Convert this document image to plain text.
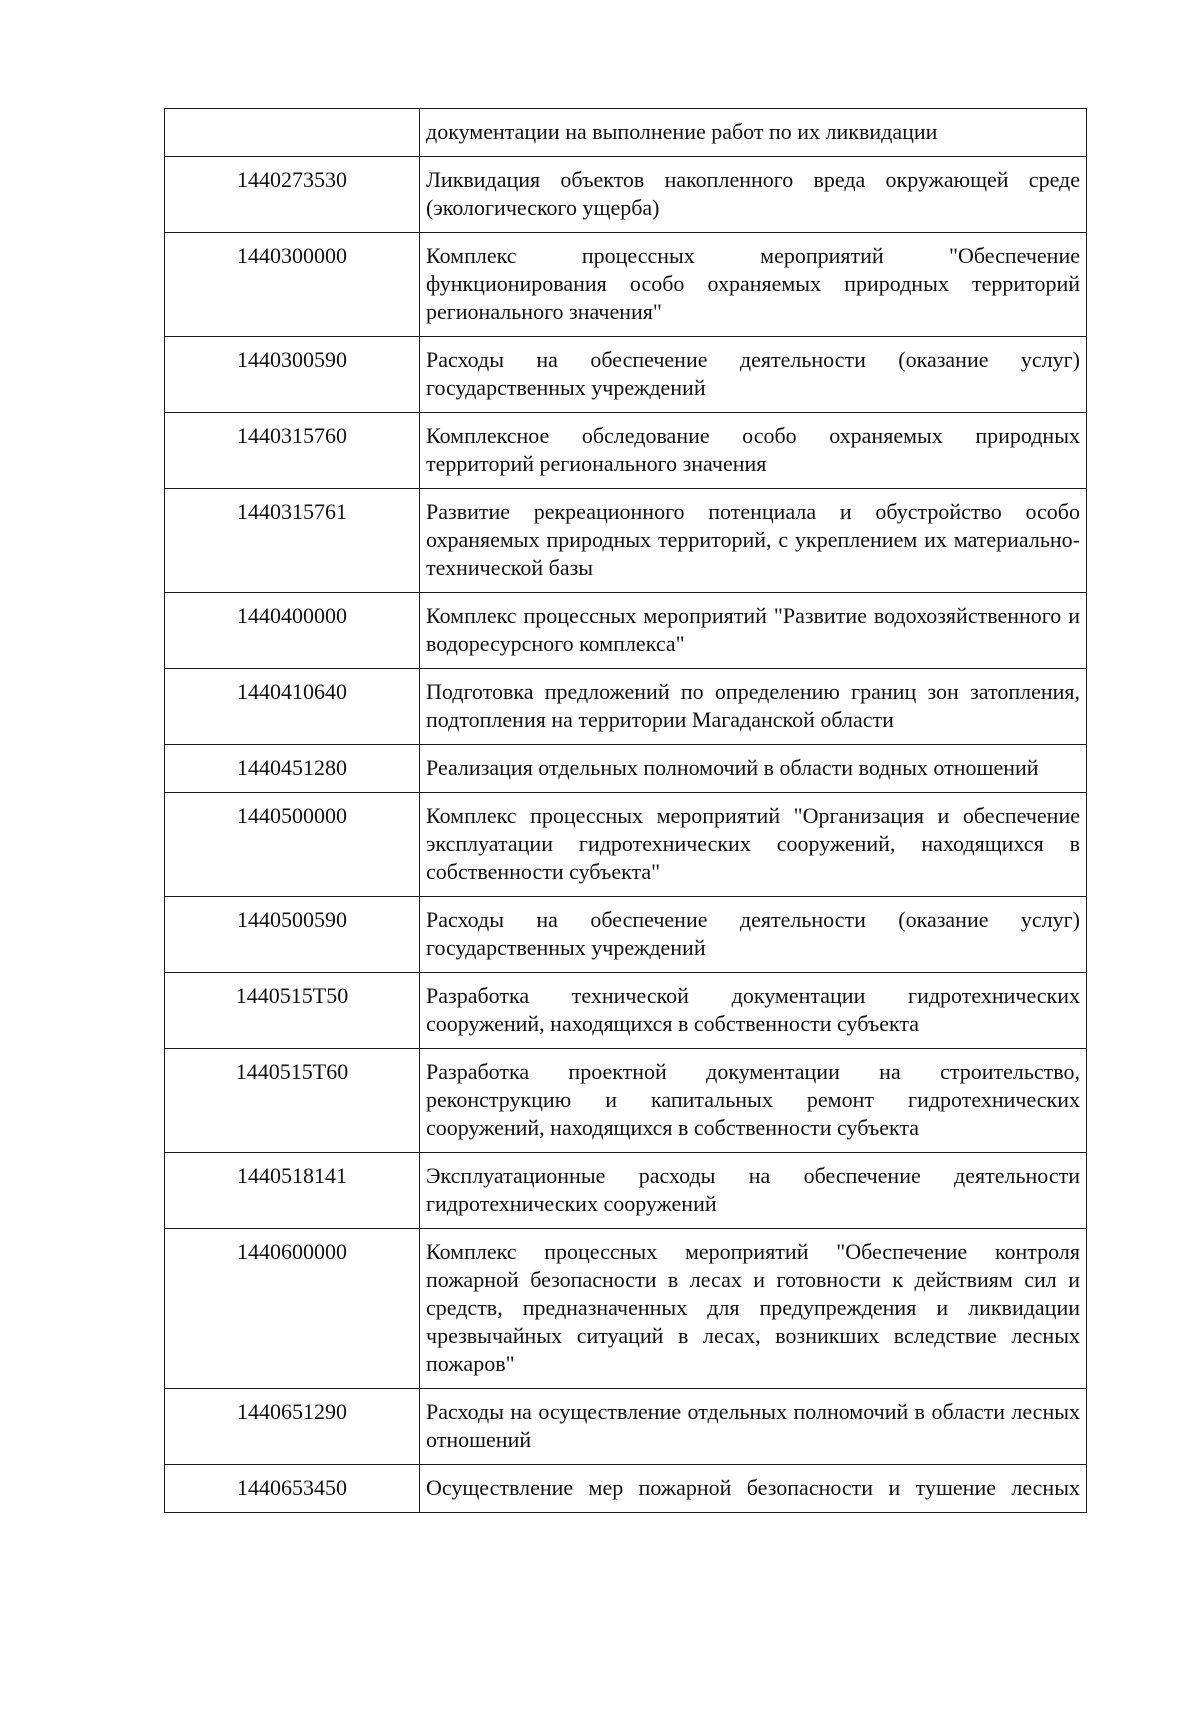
	документации на выполнение работ по их ликвидации
1440273530	Ликвидация объектов накопленного вреда окружающей среде (экологического ущерба)
1440300000	Комплекс процессных мероприятий "Обеспечение функционирования особо охраняемых природных территорий регионального значения"
1440300590	Расходы на обеспечение деятельности (оказание услуг) государственных учреждений
1440315760	Комплексное обследование особо охраняемых природных территорий регионального значения
1440315761	Развитие рекреационного потенциала и обустройство особо охраняемых природных территорий, с укреплением их материально-технической базы
1440400000	Комплекс процессных мероприятий "Развитие водохозяйственного и водоресурсного комплекса"
1440410640	Подготовка предложений по определению границ зон затопления, подтопления на территории Магаданской области
1440451280	Реализация отдельных полномочий в области водных отношений
1440500000	Комплекс процессных мероприятий "Организация и обеспечение эксплуатации гидротехнических сооружений, находящихся в собственности субъекта"
1440500590	Расходы на обеспечение деятельности (оказание услуг) государственных учреждений
144051​5Т50	Разработка технической документации гидротехнических сооружений, находящихся в собственности субъекта
1440515Т60	Разработка проектной документации на строительство, реконструкцию и капитальных ремонт гидротехнических сооружений, находящихся в собственности субъекта
1440518141	Эксплуатационные расходы на обеспечение деятельности гидротехнических сооружений
1440600000	Комплекс процессных мероприятий "Обеспечение контроля пожарной безопасности в лесах и готовности к действиям сил и средств, предназначенных для предупреждения и ликвидации чрезвычайных ситуаций в лесах, возникших вследствие лесных пожаров"
1440651290	Расходы на осуществление отдельных полномочий в области лесных отношений
1440653450	Осуществление мер пожарной безопасности и тушение лесных
